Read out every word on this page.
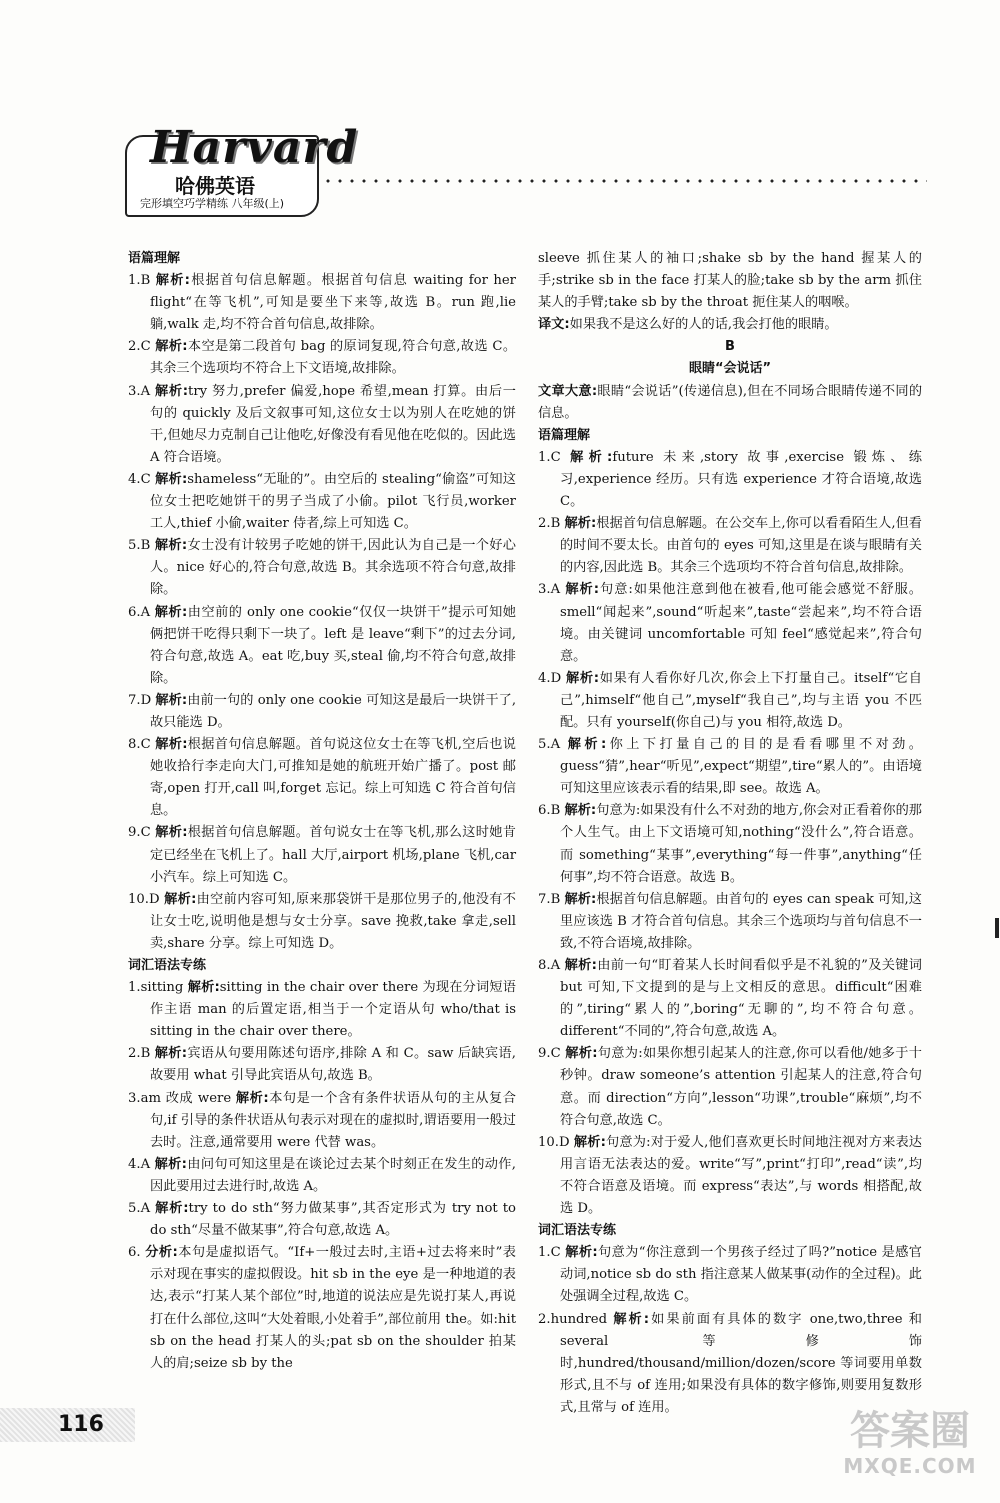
Harvard
哈佛英语
完形填空巧学精练 八年级(上)
语篇理解
1.B 解析:根据首句信息解题。根据首句信息 waiting for her flight“在等飞机”,可知是要坐下来等,故选 B。run 跑,lie 躺,walk 走,均不符合首句信息,故排除。
2.C 解析:本空是第二段首句 bag 的原词复现,符合句意,故选 C。其余三个选项均不符合上下文语境,故排除。
3.A 解析:try 努力,prefer 偏爱,hope 希望,mean 打算。由后一句的 quickly 及后文叙事可知,这位女士以为别人在吃她的饼干,但她尽力克制自己让他吃,好像没有看见他在吃似的。因此选 A 符合语境。
4.C 解析:shameless“无耻的”。由空后的 stealing“偷盗”可知这位女士把吃她饼干的男子当成了小偷。pilot 飞行员,worker 工人,thief 小偷,waiter 侍者,综上可知选 C。
5.B 解析:女士没有计较男子吃她的饼干,因此认为自己是一个好心人。nice 好心的,符合句意,故选 B。其余选项不符合句意,故排除。
6.A 解析:由空前的 only one cookie“仅仅一块饼干”提示可知她俩把饼干吃得只剩下一块了。left 是 leave“剩下”的过去分词,符合句意,故选 A。eat 吃,buy 买,steal 偷,均不符合句意,故排除。
7.D 解析:由前一句的 only one cookie 可知这是最后一块饼干了,故只能选 D。
8.C 解析:根据首句信息解题。首句说这位女士在等飞机,空后也说她收拾行李走向大门,可推知是她的航班开始广播了。post 邮寄,open 打开,call 叫,forget 忘记。综上可知选 C 符合首句信息。
9.C 解析:根据首句信息解题。首句说女士在等飞机,那么这时她肯定已经坐在飞机上了。hall 大厅,airport 机场,plane 飞机,car 小汽车。综上可知选 C。
10.D 解析:由空前内容可知,原来那袋饼干是那位男子的,他没有不让女士吃,说明他是想与女士分享。save 挽救,take 拿走,sell 卖,share 分享。综上可知选 D。
词汇语法专练
1.sitting 解析:sitting in the chair over there 为现在分词短语作主语 man 的后置定语,相当于一个定语从句 who/that is sitting in the chair over there。
2.B 解析:宾语从句要用陈述句语序,排除 A 和 C。saw 后缺宾语,故要用 what 引导此宾语从句,故选 B。
3.am 改成 were 解析:本句是一个含有条件状语从句的主从复合句,if 引导的条件状语从句表示对现在的虚拟时,谓语要用一般过去时。注意,通常要用 were 代替 was。
4.A 解析:由问句可知这里是在谈论过去某个时刻正在发生的动作,因此要用过去进行时,故选 A。
5.A 解析:try to do sth“努力做某事”,其否定形式为 try not to do sth“尽量不做某事”,符合句意,故选 A。
6. 分析:本句是虚拟语气。“If+一般过去时,主语+过去将来时”表示对现在事实的虚拟假设。hit sb in the eye 是一种地道的表达,表示“打某人某个部位”时,地道的说法应是先说打某人,再说打在什么部位,这叫“大处着眼,小处着手”,部位前用 the。如:hit sb on the head 打某人的头;pat sb on the shoulder 拍某人的肩;seize sb by the
sleeve 抓住某人的袖口;shake sb by the hand 握某人的手;strike sb in the face 打某人的脸;take sb by the arm 抓住某人的手臂;take sb by the throat 扼住某人的咽喉。
译文:如果我不是这么好的人的话,我会打他的眼睛。
B
眼睛“会说话”
文章大意:眼睛“会说话”(传递信息),但在不同场合眼睛传递不同的信息。
语篇理解
1.C 解析:future 未来,story 故事,exercise 锻炼、练习,experience 经历。只有选 experience 才符合语境,故选 C。
2.B 解析:根据首句信息解题。在公交车上,你可以看看陌生人,但看的时间不要太长。由首句的 eyes 可知,这里是在谈与眼睛有关的内容,因此选 B。其余三个选项均不符合首句信息,故排除。
3.A 解析:句意:如果他注意到他在被看,他可能会感觉不舒服。smell“闻起来”,sound“听起来”,taste“尝起来”,均不符合语境。由关键词 uncomfortable 可知 feel“感觉起来”,符合句意。
4.D 解析:如果有人看你好几次,你会上下打量自己。itself“它自己”,himself“他自己”,myself“我自己”,均与主语 you 不匹配。只有 yourself(你自己)与 you 相符,故选 D。
5.A 解析:你上下打量自己的目的是看看哪里不对劲。guess“猜”,hear“听见”,expect“期望”,tire“累人的”。由语境可知这里应该表示看的结果,即 see。故选 A。
6.B 解析:句意为:如果没有什么不对劲的地方,你会对正看着你的那个人生气。由上下文语境可知,nothing“没什么”,符合语意。而 something“某事”,everything“每一件事”,anything“任何事”,均不符合语意。故选 B。
7.B 解析:根据首句信息解题。由首句的 eyes can speak 可知,这里应该选 B 才符合首句信息。其余三个选项均与首句信息不一致,不符合语境,故排除。
8.A 解析:由前一句“盯着某人长时间看似乎是不礼貌的”及关键词 but 可知,下文提到的是与上文相反的意思。difficult“困难的”,tiring“累人的”,boring“无聊的”,均不符合句意。different“不同的”,符合句意,故选 A。
9.C 解析:句意为:如果你想引起某人的注意,你可以看他/她多于十秒钟。draw someone’s attention 引起某人的注意,符合句意。而 direction“方向”,lesson“功课”,trouble“麻烦”,均不符合句意,故选 C。
10.D 解析:句意为:对于爱人,他们喜欢更长时间地注视对方来表达用言语无法表达的爱。write“写”,print“打印”,read“读”,均不符合语意及语境。而 express“表达”,与 words 相搭配,故选 D。
词汇语法专练
1.C 解析:句意为“你注意到一个男孩子经过了吗?”notice 是感官动词,notice sb do sth 指注意某人做某事(动作的全过程)。此处强调全过程,故选 C。
2.hundred 解析:如果前面有具体的数字 one,two,three 和 several 等修饰时,hundred/thousand/million/dozen/score 等词要用单数形式,且不与 of 连用;如果没有具体的数字修饰,则要用复数形式,且常与 of 连用。
116	答案圈
MXQE.COM
